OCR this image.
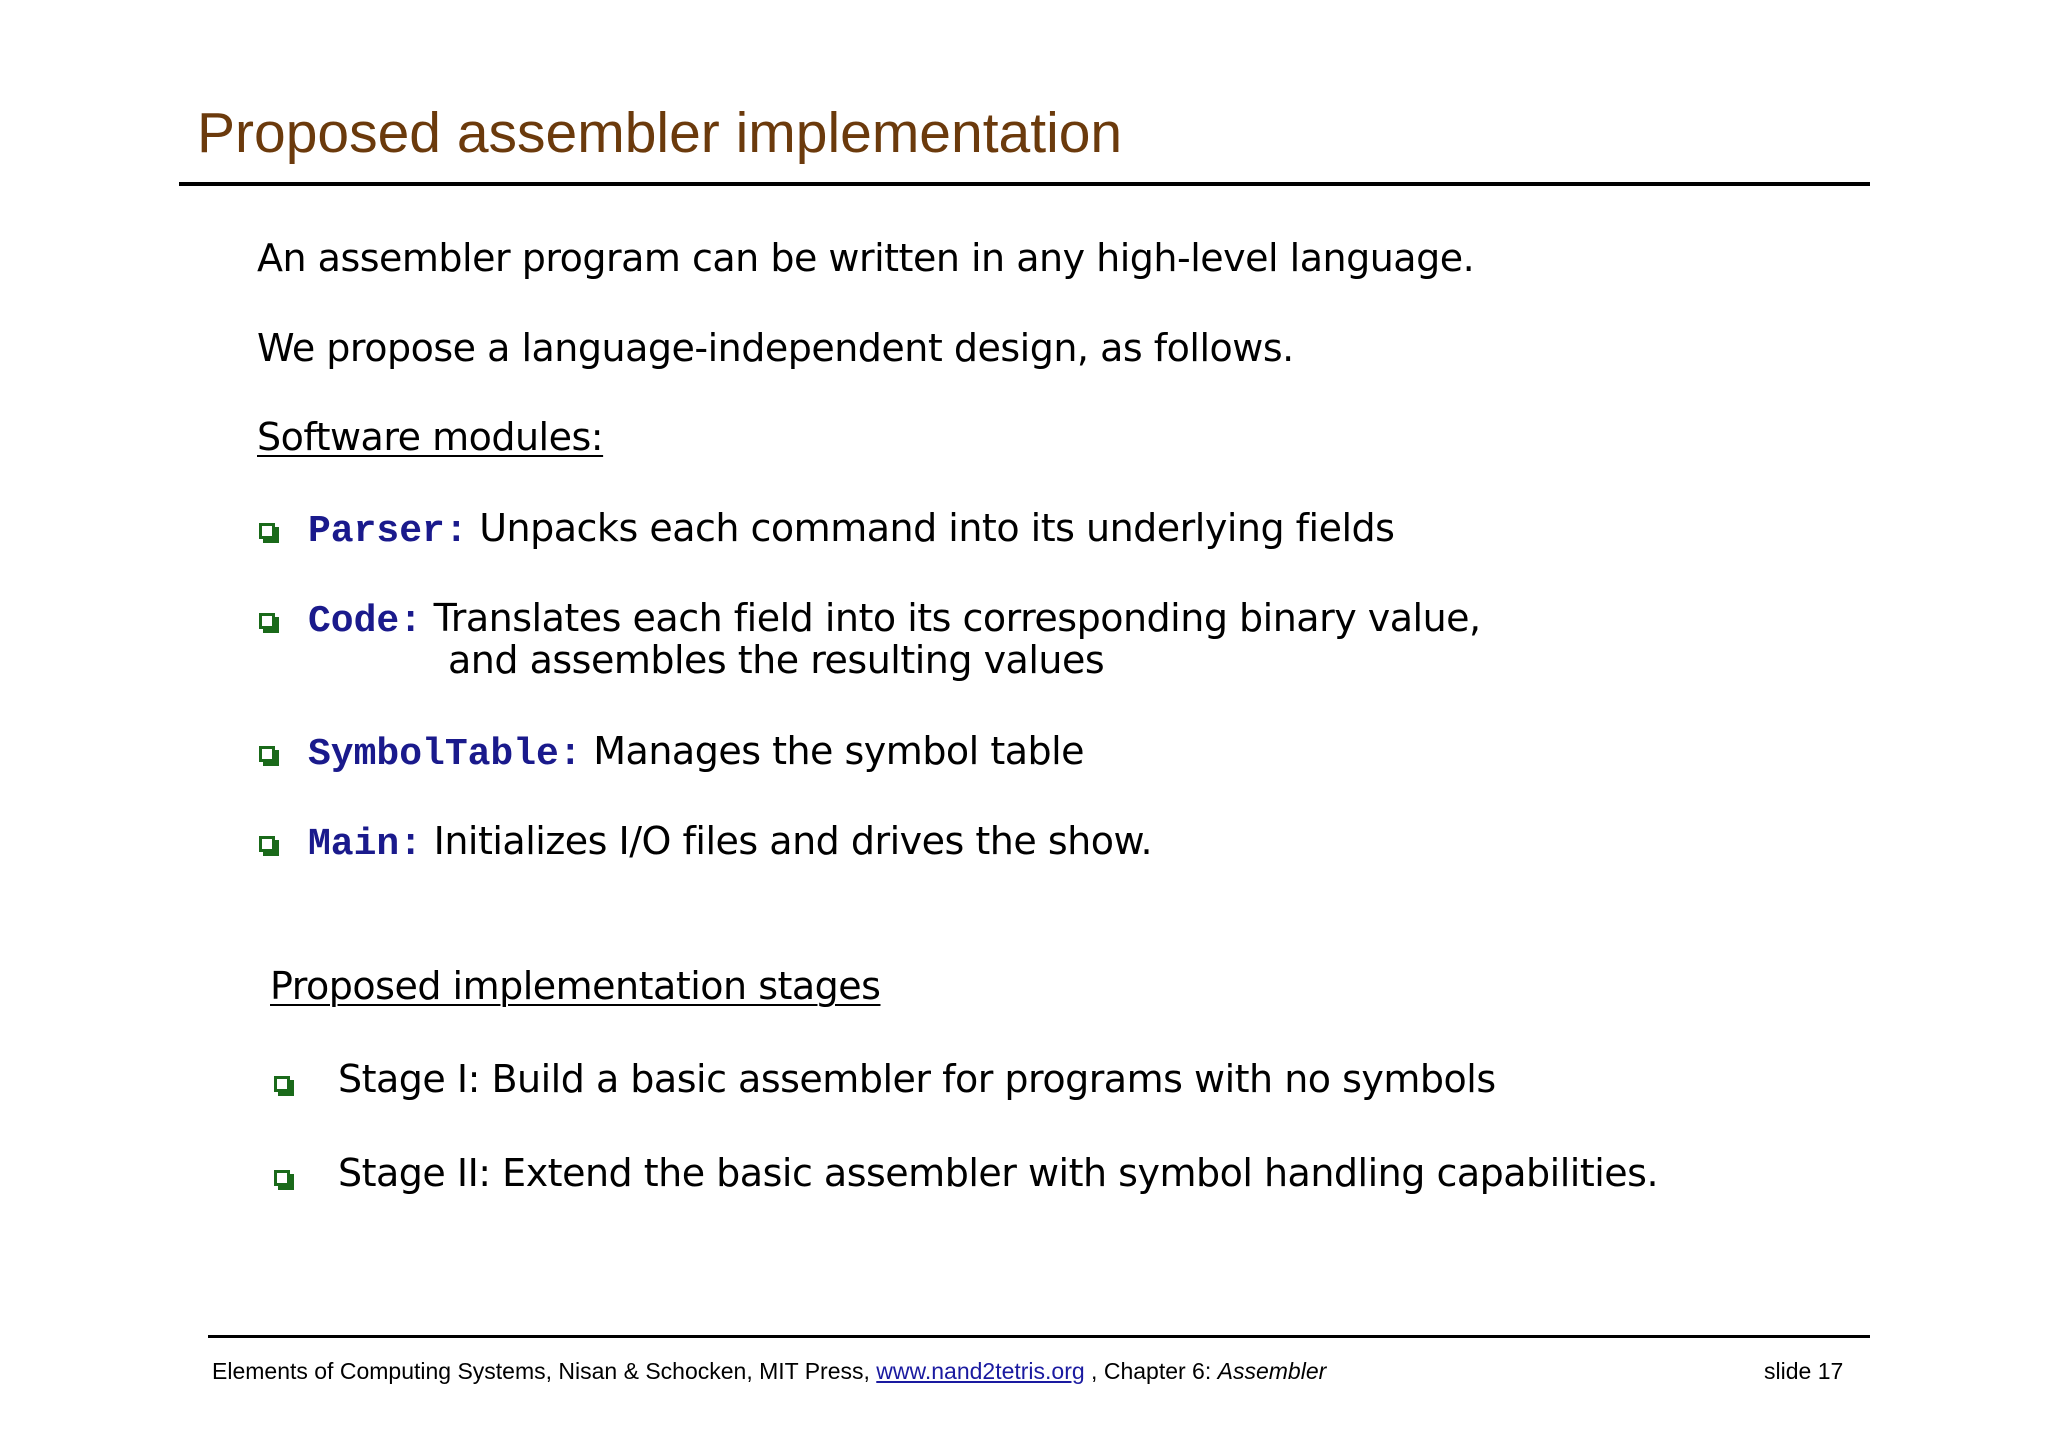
Proposed assembler implementation
An assembler program can be written in any high-level language.
We propose a language-independent design, as follows.
Software modules:
Parser: Unpacks each command into its underlying fields
Code: Translates each field into its corresponding binary value,
and assembles the resulting values
SymbolTable: Manages the symbol table
Main: Initializes I/O files and drives the show.
Proposed implementation stages
Stage I: Build a basic assembler for programs with no symbols
Stage II: Extend the basic assembler with symbol handling capabilities.
Elements of Computing Systems, Nisan & Schocken, MIT Press, www.nand2tetris.org , Chapter 6: Assembler	slide 17
